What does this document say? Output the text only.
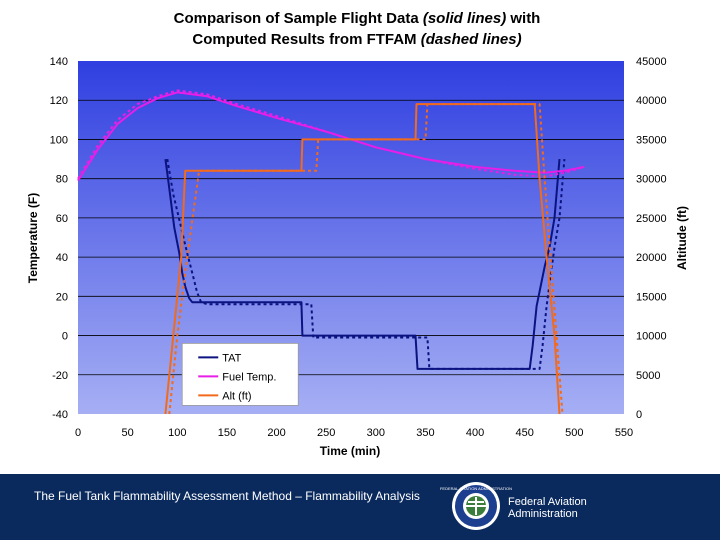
Comparison of Sample Flight Data (solid lines) with
Computed Results from FTFAM (dashed lines)
140	45000
120	40000
100	35000
80	30000
60	25000
40	20000
20	15000
0	10000
-20	5000
-40	0
0	50	100	150	200	250	300	350	400	450	500	550
Time (min)
Temperature (F)	Altitude (ft)
TAT
Fuel Temp.
Alt (ft)
The Fuel Tank Flammability Assessment Method – Flammability Analysis
FEDERAL AVIATION ADMINISTRATION
Federal Aviation
Administration
